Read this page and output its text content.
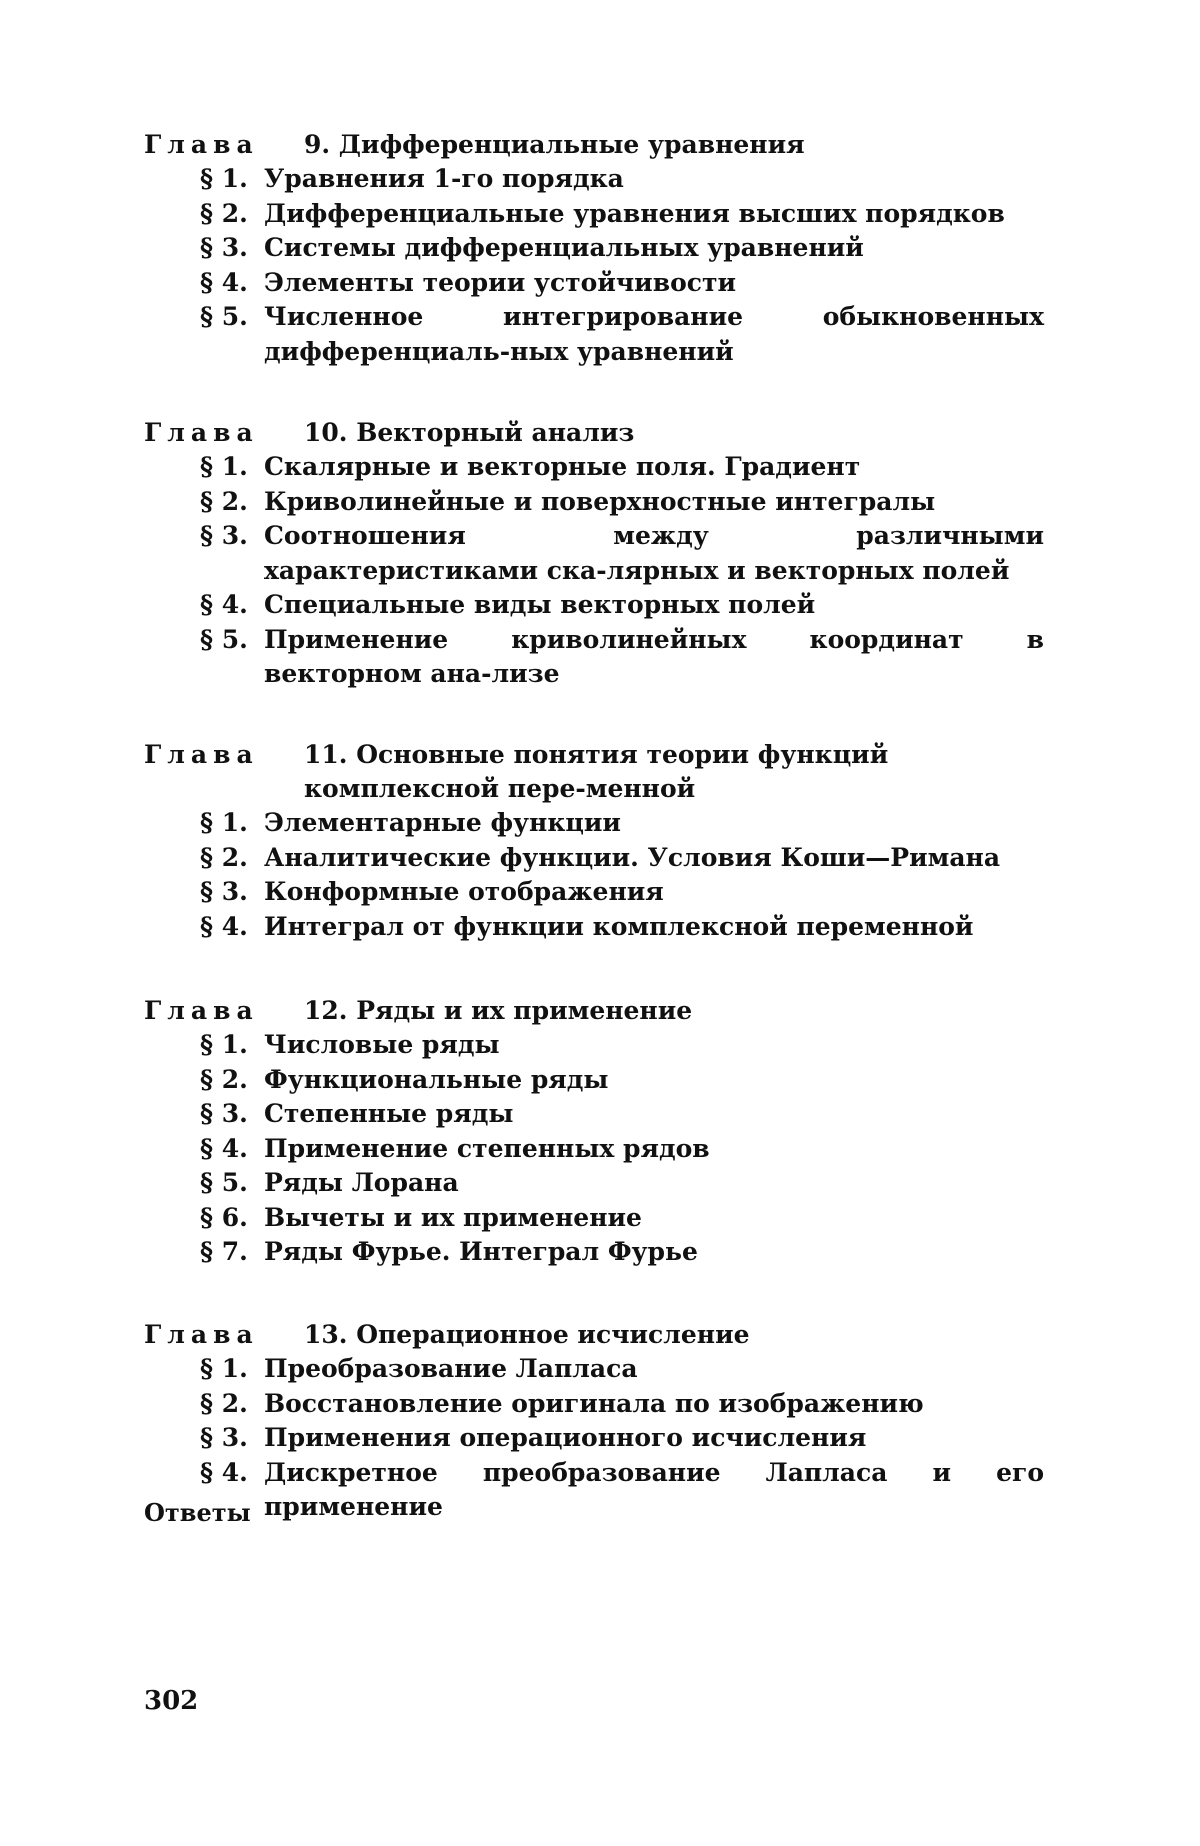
Глава	9. Дифференциальные уравнения
§ 1. Уравнения 1-го порядка
§ 2. Дифференциальные уравнения высших порядков
§ 3. Системы дифференциальных уравнений
§ 4. Элементы теории устойчивости
§ 5. Численное интегрирование обыкновенных дифференциаль-ных уравнений
Глава	10. Векторный анализ
§ 1. Скалярные и векторные поля. Градиент
§ 2. Криволинейные и поверхностные интегралы
§ 3. Соотношения между различными характеристиками ска-лярных и векторных полей
§ 4. Специальные виды векторных полей
§ 5. Применение криволинейных координат в векторном ана-лизе
Глава	11. Основные понятия теории функций комплексной пере-менной
§ 1. Элементарные функции
§ 2. Аналитические функции. Условия Коши—Римана
§ 3. Конформные отображения
§ 4. Интеграл от функции комплексной переменной
Глава	12. Ряды и их применение
§ 1. Числовые ряды
§ 2. Функциональные ряды
§ 3. Степенные ряды
§ 4. Применение степенных рядов
§ 5. Ряды Лорана
§ 6. Вычеты и их применение
§ 7. Ряды Фурье. Интеграл Фурье
Глава	13. Операционное исчисление
§ 1. Преобразование Лапласа
§ 2. Восстановление оригинала по изображению
§ 3. Применения операционного исчисления
§ 4. Дискретное преобразование Лапласа и его применение
Ответы
302
